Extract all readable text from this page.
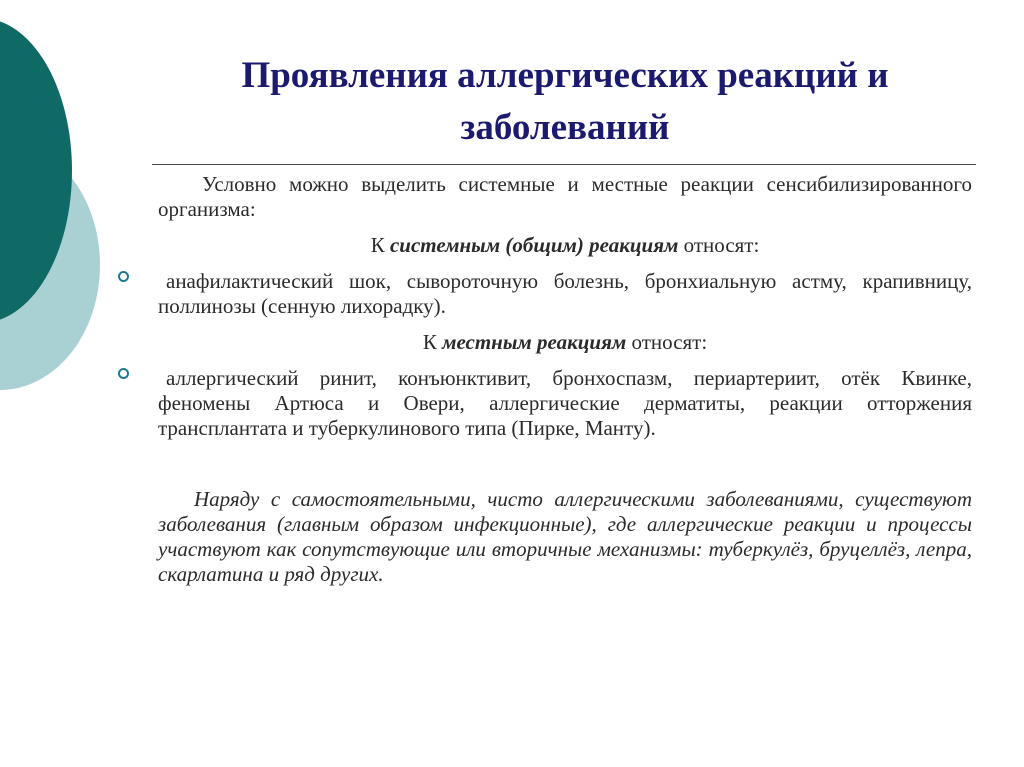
Проявления аллергических реакций и заболеваний

Условно можно выделить системные и местные реакции сенсибилизированного организма:

К системным (общим) реакциям относят:

анафилактический шок, сывороточную болезнь, бронхиальную астму, крапивницу, поллинозы (сенную лихорадку).

К местным реакциям относят:

аллергический ринит, конъюнктивит, бронхоспазм, периартериит, отёк Квинке, феномены Артюса и Овери, аллергические дерматиты, реакции отторжения трансплантата и туберкулинового типа (Пирке, Манту).

Наряду с самостоятельными, чисто аллергическими заболеваниями, существуют заболевания (главным образом инфекционные), где аллергические реакции и процессы участвуют как сопутствующие или вторичные механизмы: туберкулёз, бруцеллёз, лепра, скарлатина и ряд других.
